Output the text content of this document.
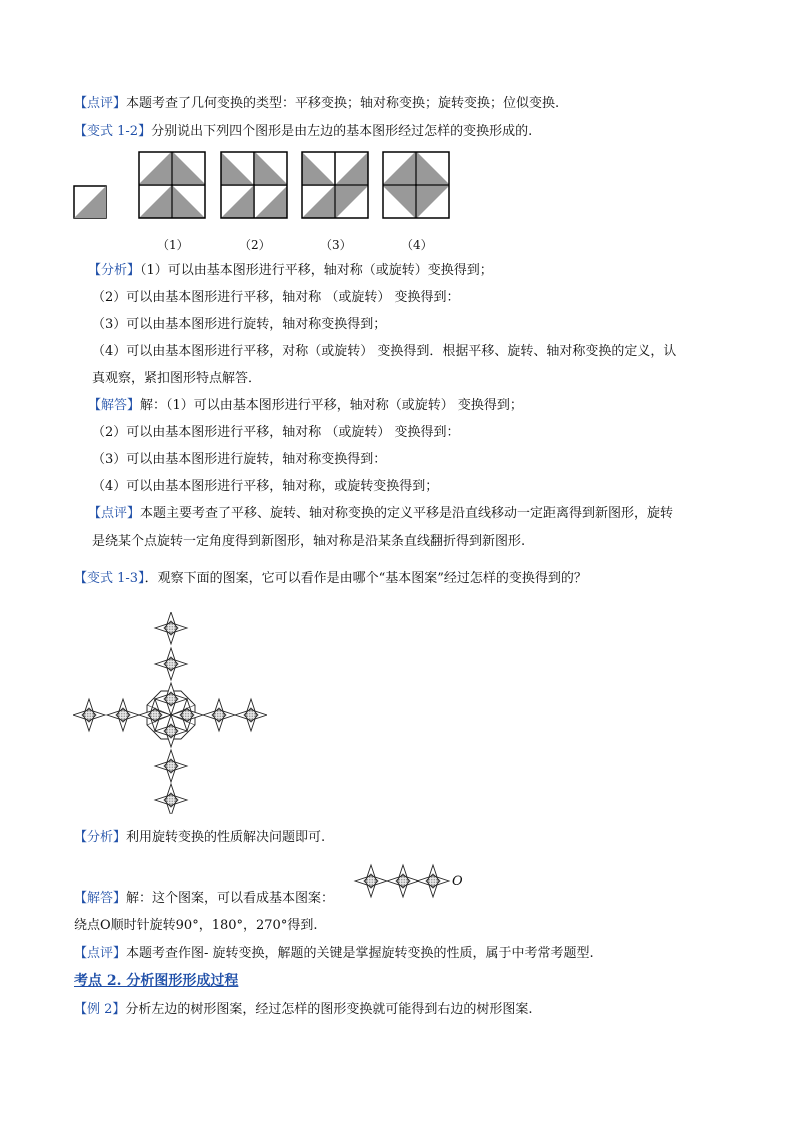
【点评】本题考查了几何变换的类型：平移变换；轴对称变换；旋转变换；位似变换.
【变式 1-2】分别说出下列四个图形是由左边的基本图形经过怎样的变换形成的.
（1）	（2）	（3）	（4）
【分析】（1）可以由基本图形进行平移，轴对称（或旋转）变换得到；
（2）可以由基本图形进行平移，轴对称 （或旋转） 变换得到：
（3）可以由基本图形进行旋转，轴对称变换得到；
（4）可以由基本图形进行平移，对称（或旋转） 变换得到．根据平移、旋转、轴对称变换的定义，认
真观察，紧扣图形特点解答．
【解答】解：（1）可以由基本图形进行平移，轴对称（或旋转） 变换得到；
（2）可以由基本图形进行平移，轴对称 （或旋转） 变换得到：
（3）可以由基本图形进行旋转，轴对称变换得到：
（4）可以由基本图形进行平移，轴对称，或旋转变换得到；
【点评】本题主要考查了平移、旋转、轴对称变换的定义平移是沿直线移动一定距离得到新图形，旋转
是绕某个点旋转一定角度得到新图形，轴对称是沿某条直线翻折得到新图形.
【变式 1-3】．观察下面的图案，它可以看作是由哪个“基本图案”经过怎样的变换得到的？
【分析】利用旋转变换的性质解决问题即可.
【解答】解：这个图案，可以看成基本图案：
O
绕点O顺时针旋转90°，180°，270°得到.
【点评】本题考查作图- 旋转变换，解题的关键是掌握旋转变换的性质，属于中考常考题型.
考点 2. 分析图形形成过程
【例 2】分析左边的树形图案，经过怎样的图形变换就可能得到右边的树形图案.
